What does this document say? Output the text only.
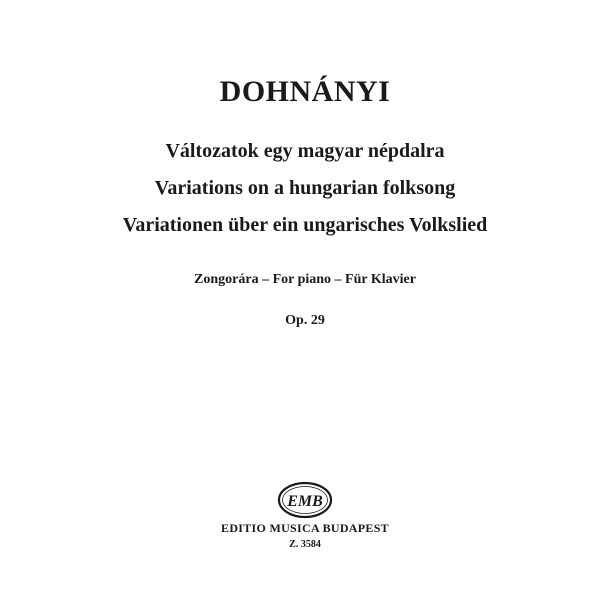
DOHNÁNYI
Változatok egy magyar népdalra
Variations on a hungarian folksong
Variationen über ein ungarisches Volkslied
Zongorára – For piano – Für Klavier
Op. 29
EMB
EDITIO MUSICA BUDAPEST
Z. 3584
